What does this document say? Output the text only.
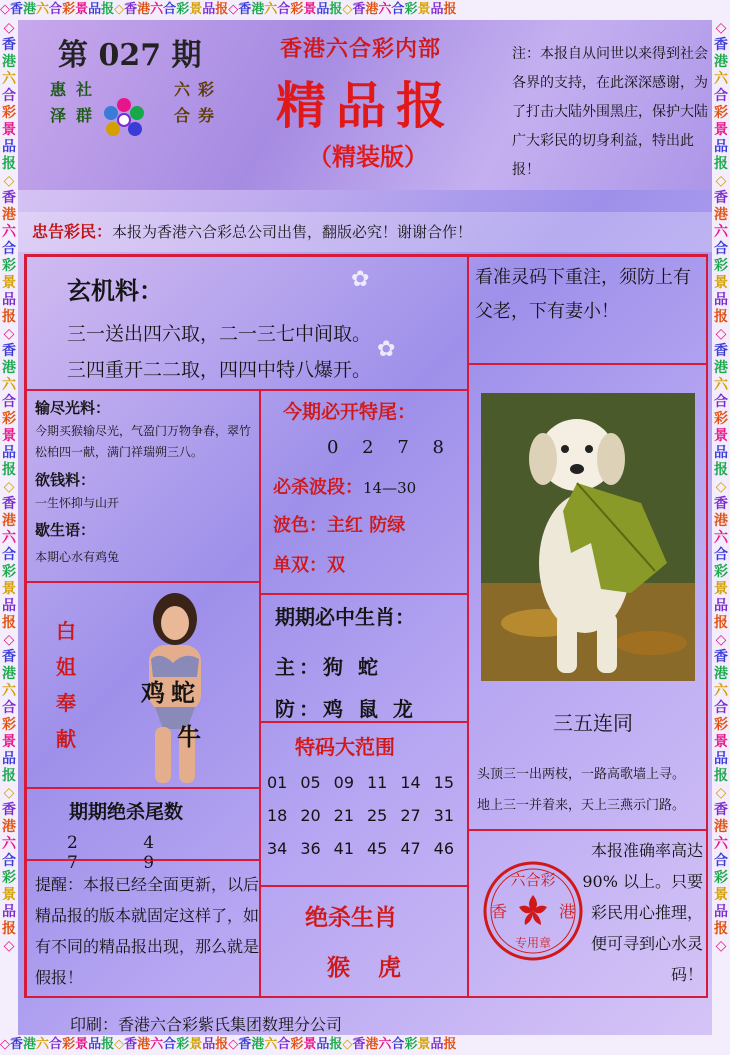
◇香港六合彩景品报◇香港六合彩景品报◇香港六合彩景品报◇香港六合彩景品报
◇香港六合彩景品报◇香港六合彩景品报◇香港六合彩景品报◇香港六合彩景品报
◇
香
港
六
合
彩
景
品
报
◇
香
港
六
合
彩
景
品
报
◇
香
港
六
合
彩
景
品
报
◇
香
港
六
合
彩
景
品
报
◇
香
港
六
合
彩
景
品
报
◇
香
港
六
合
彩
景
品
报
◇
◇
香
港
六
合
彩
景
品
报
◇
香
港
六
合
彩
景
品
报
◇
香
港
六
合
彩
景
品
报
◇
香
港
六
合
彩
景
品
报
◇
香
港
六
合
彩
景
品
报
◇
香
港
六
合
彩
景
品
报
◇
第 027 期
惠泽
社群
六合
彩券
香港六合彩内部
精品报
（精装版）
注：本报自从问世以来得到社会各界的支持，在此深深感谢，为了打击大陆外围黑庄，保护大陆广大彩民的切身利益，特出此报！
忠告彩民：本报为香港六合彩总公司出售，翻版必究！谢谢合作！
玄机料：
三一送出四六取，二一三七中间取。
三四重开二二取，四四中特八爆开。
✿
✿
输尽光料：
今期买猴输尽光，气盈门万物争春，翠竹松柏四一献，满门祥瑞朔三八。
欲钱料：
一生怀抑与山开
歇生语：
本期心水有鸡兔
白姐奉献
鸡蛇
牛
期期绝杀尾数
2 4 7 9
提醒：本报已经全面更新，以后精品报的版本就固定这样了，如有不同的精品报出现，那么就是假报！
今期必开特尾：
0 2 7 8
必杀波段：14—30
波色：主红 防绿
单双：双
期期必中生肖：
主：狗 蛇
防：鸡 鼠 龙
特码大范围
01 05 09 11 14 15
18 20 21 25 27 31
34 36 41 45 47 46
绝杀生肖
猴 虎
看准灵码下重注，须防上有父老，下有妻小！
三五连同
头顶三一出两枝，一路高歌墙上寻。
地上三一并着来，天上三燕示门路。
六合彩
香	港
专用章
本报准确率高达 90% 以上。只要彩民用心推理，便可寻到心水灵码！
印刷：香港六合彩紫氏集团数理分公司
